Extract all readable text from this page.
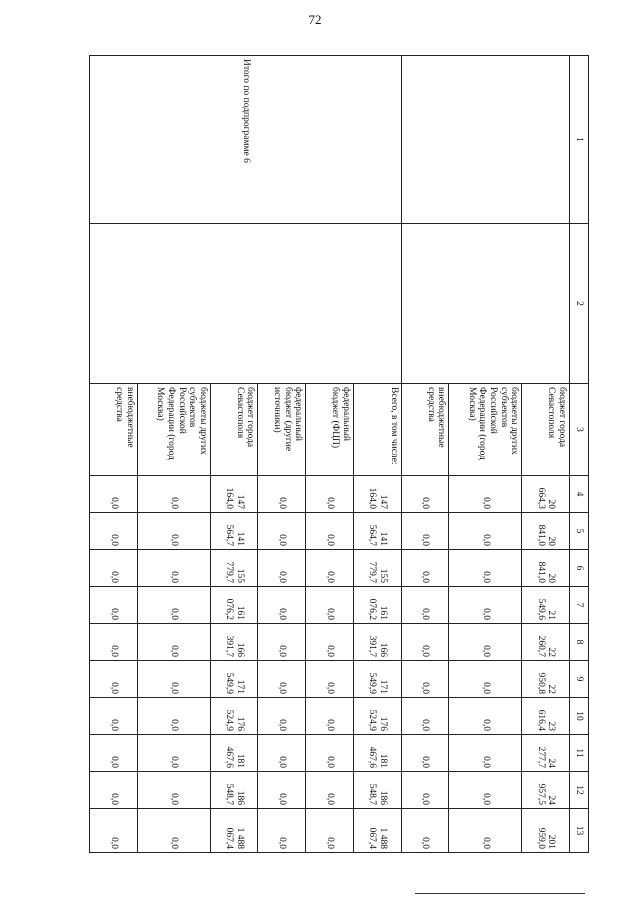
72
1	2	3	4	5	6	7	8	9	10	11	12	13
		бюджет города Севастополя	20 664,3	20 841,0	20 841,0	21 549,6	22 260,7	22 950,8	23 616,4	24 277,7	24 957,5	201 959,0
		бюджеты других субъектов Российской Федерации (город Москва)	0,0	0,0	0,0	0,0	0,0	0,0	0,0	0,0	0,0	0,0
		внебюджетные средства	0,0	0,0	0,0	0,0	0,0	0,0	0,0	0,0	0,0	0,0
Итого по подпрограмме 6		Всего, в том числе:	147 164,0	141 564,7	155 779,7	161 076,2	166 391,7	171 549,9	176 524,9	181 467,6	186 548,7	1 488 067,4
		федеральный бюджет (ФЦП)	0,0	0,0	0,0	0,0	0,0	0,0	0,0	0,0	0,0	0,0
		федеральный бюджет (другие источники)	0,0	0,0	0,0	0,0	0,0	0,0	0,0	0,0	0,0	0,0
		бюджет города Севастополя	147 164,0	141 564,7	155 779,7	161 076,2	166 391,7	171 549,9	176 524,9	181 467,6	186 548,7	1 488 067,4
		бюджеты других субъектов Российской Федерации (город Москва)	0,0	0,0	0,0	0,0	0,0	0,0	0,0	0,0	0,0	0,0
		внебюджетные средства	0,0	0,0	0,0	0,0	0,0	0,0	0,0	0,0	0,0	0,0
